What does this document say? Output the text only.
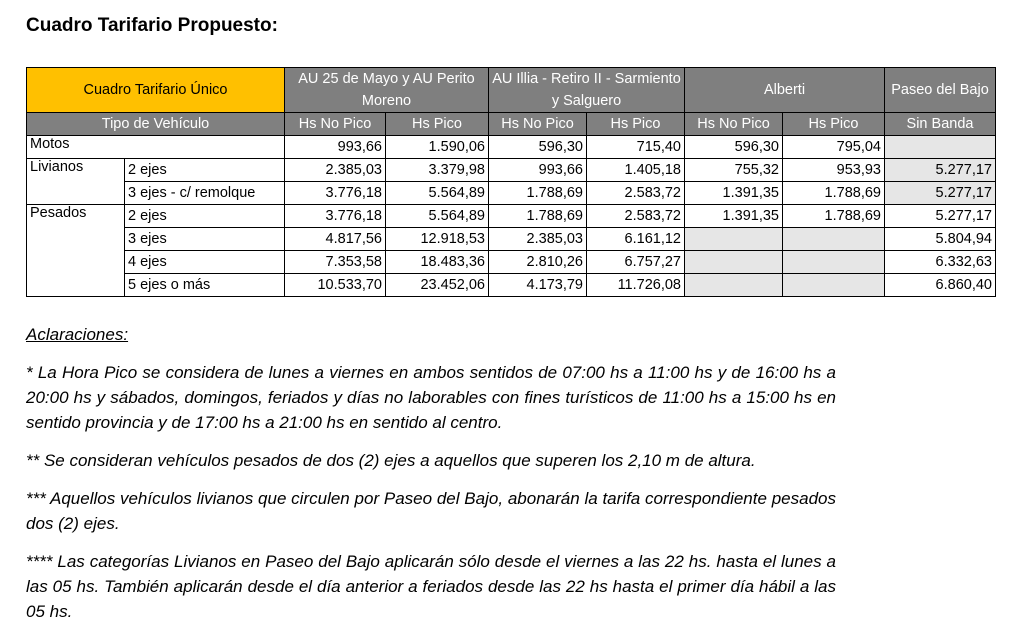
Cuadro Tarifario Propuesto:
Cuadro Tarifario Único		AU 25 de Mayo y AU Perito Moreno		AU Illia - Retiro II - Sarmiento y Salguero		Alberti		Paseo del Bajo
Tipo de Vehículo		Hs No Pico	Hs Pico	Hs No Pico	Hs Pico	Hs No Pico	Hs Pico	Sin Banda
Motos		993,66	1.590,06	596,30	715,40	596,30	795,04	
Livianos	2 ejes	2.385,03	3.379,98	993,66	1.405,18	755,32	953,93	5.277,17
	3 ejes - c/ remolque	3.776,18	5.564,89	1.788,69	2.583,72	1.391,35	1.788,69	5.277,17
Pesados	2 ejes	3.776,18	5.564,89	1.788,69	2.583,72	1.391,35	1.788,69	5.277,17
	3 ejes	4.817,56	12.918,53	2.385,03	6.161,12			5.804,94
	4 ejes	7.353,58	18.483,36	2.810,26	6.757,27			6.332,63
	5 ejes o más	10.533,70	23.452,06	4.173,79	11.726,08			6.860,40

Aclaraciones:

* La Hora Pico se considera de lunes a viernes en ambos sentidos de 07:00 hs a 11:00 hs y de 16:00 hs a 20:00 hs y sábados, domingos, feriados y días no laborables con fines turísticos de 11:00 hs a 15:00 hs en sentido provincia y de 17:00 hs a 21:00 hs en sentido al centro.

** Se consideran vehículos pesados de dos (2) ejes a aquellos que superen los 2,10 m de altura.

*** Aquellos vehículos livianos que circulen por Paseo del Bajo, abonarán la tarifa correspondiente pesados dos (2) ejes.

**** Las categorías Livianos en Paseo del Bajo aplicarán sólo desde el viernes a las 22 hs. hasta el lunes a las 05 hs. También aplicarán desde el día anterior a feriados desde las 22 hs hasta el primer día hábil a las 05 hs.
